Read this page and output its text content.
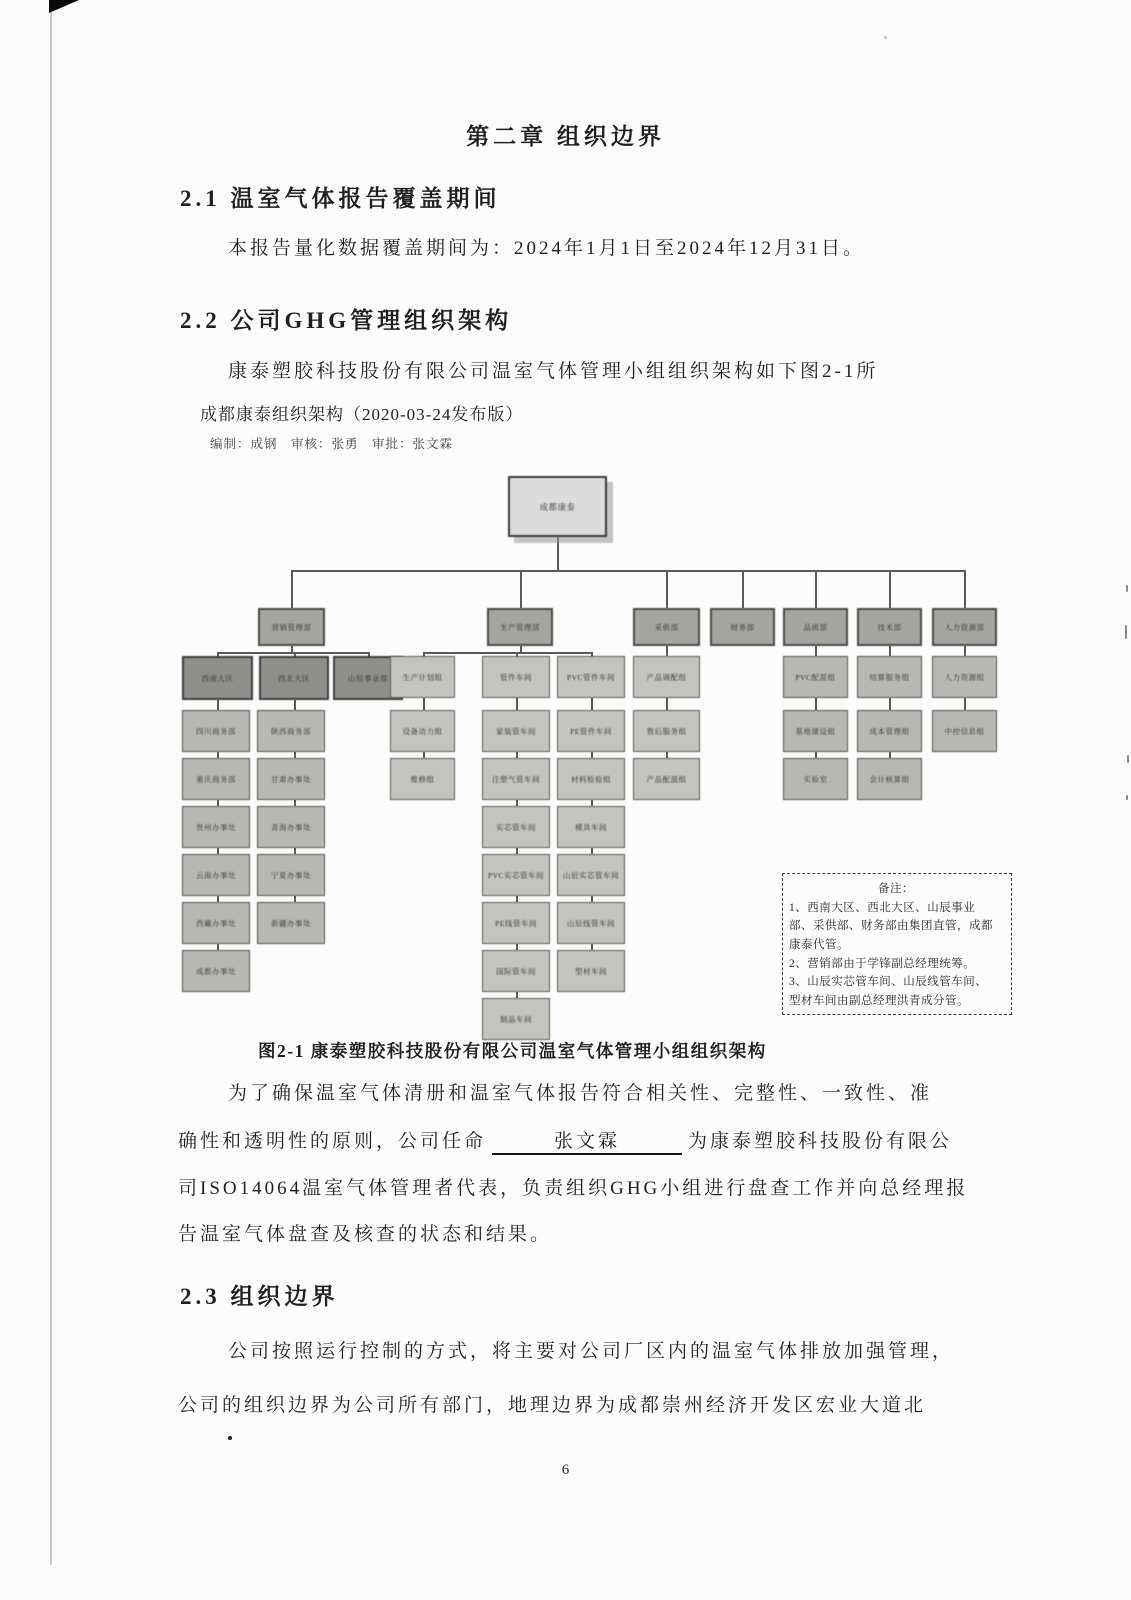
第二章 组织边界
2.1 温室气体报告覆盖期间
本报告量化数据覆盖期间为：2024年1月1日至2024年12月31日。
2.2 公司GHG管理组织架构
康泰塑胶科技股份有限公司温室气体管理小组组织架构如下图2-1所
成都康泰组织架构（2020-03-24发布版）
编制：成钢　审核：张勇　审批：张文霖
备注：
1、西南大区、西北大区、山辰事业
部、采供部、财务部由集团直管，成都
康泰代管。
2、营销部由于学锋副总经理统筹。
3、山辰实芯管车间、山辰线管车间、
型材车间由副总经理洪青成分管。
成都康泰
营销管理部	生产管理部	采供部	财务部	品质部	技术部	人力资源部
西南大区	西北大区	山辰事业部
四川商务部
重庆商务部
贵州办事处
云南办事处
西藏办事处
成都办事处
陕西商务部
甘肃办事处
青海办事处
宁夏办事处
新疆办事处
生产计划组
设备动力组
维修组
管件车间
家装管车间
注塑气管车间
实芯管车间
PVC实芯管车间
PE线管车间
国际管车间
制品车间
PVC管件车间
PE管件车间
材料检验组
模具车间
山辰实芯管车间
山辰线管车间
型材车间
产品调配组
售后服务组
产品配混组
PVC配混组
基地建设组
实验室
结算服务组
成本管理组
会计核算组
人力资源组
中控信息组
图2-1 康泰塑胶科技股份有限公司温室气体管理小组组织架构
为了确保温室气体清册和温室气体报告符合相关性、完整性、一致性、准
确性和透明性的原则，公司任命	张文霖	为康泰塑胶科技股份有限公
司ISO14064温室气体管理者代表，负责组织GHG小组进行盘查工作并向总经理报
告温室气体盘查及核查的状态和结果。
2.3 组织边界
公司按照运行控制的方式，将主要对公司厂区内的温室气体排放加强管理，
公司的组织边界为公司所有部门，地理边界为成都崇州经济开发区宏业大道北
6
